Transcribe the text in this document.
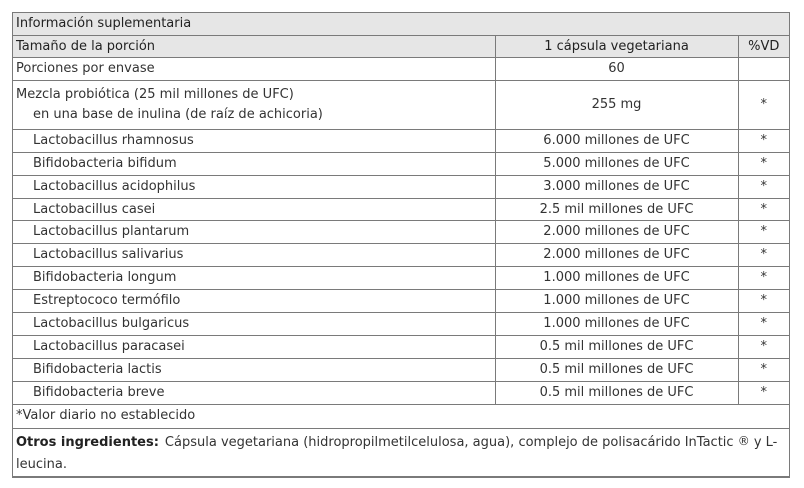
Información suplementaria
Tamaño de la porción	1 cápsula vegetariana	%VD
Porciones por envase	60	

Mezcla probiótica (25 mil millones de UFC)
en una base de inulina (de raíz de achicoria)	255 mg	*
Lactobacillus rhamnosus	6.000 millones de UFC	*
Bifidobacteria bifidum	5.000 millones de UFC	*
Lactobacillus acidophilus	3.000 millones de UFC	*
Lactobacillus casei	2.5 mil millones de UFC	*
Lactobacillus plantarum	2.000 millones de UFC	*
Lactobacillus salivarius	2.000 millones de UFC	*
Bifidobacteria longum	1.000 millones de UFC	*
Estreptococo termófilo	1.000 millones de UFC	*
Lactobacillus bulgaricus	1.000 millones de UFC	*
Lactobacillus paracasei	0.5 mil millones de UFC	*
Bifidobacteria lactis	0.5 mil millones de UFC	*
Bifidobacteria breve	0.5 mil millones de UFC	*
*Valor diario no establecido		
Otros ingredientes: Cápsula vegetariana (hidropropilmetilcelulosa, agua), complejo de polisacárido InTactic ® y L-leucina.		
